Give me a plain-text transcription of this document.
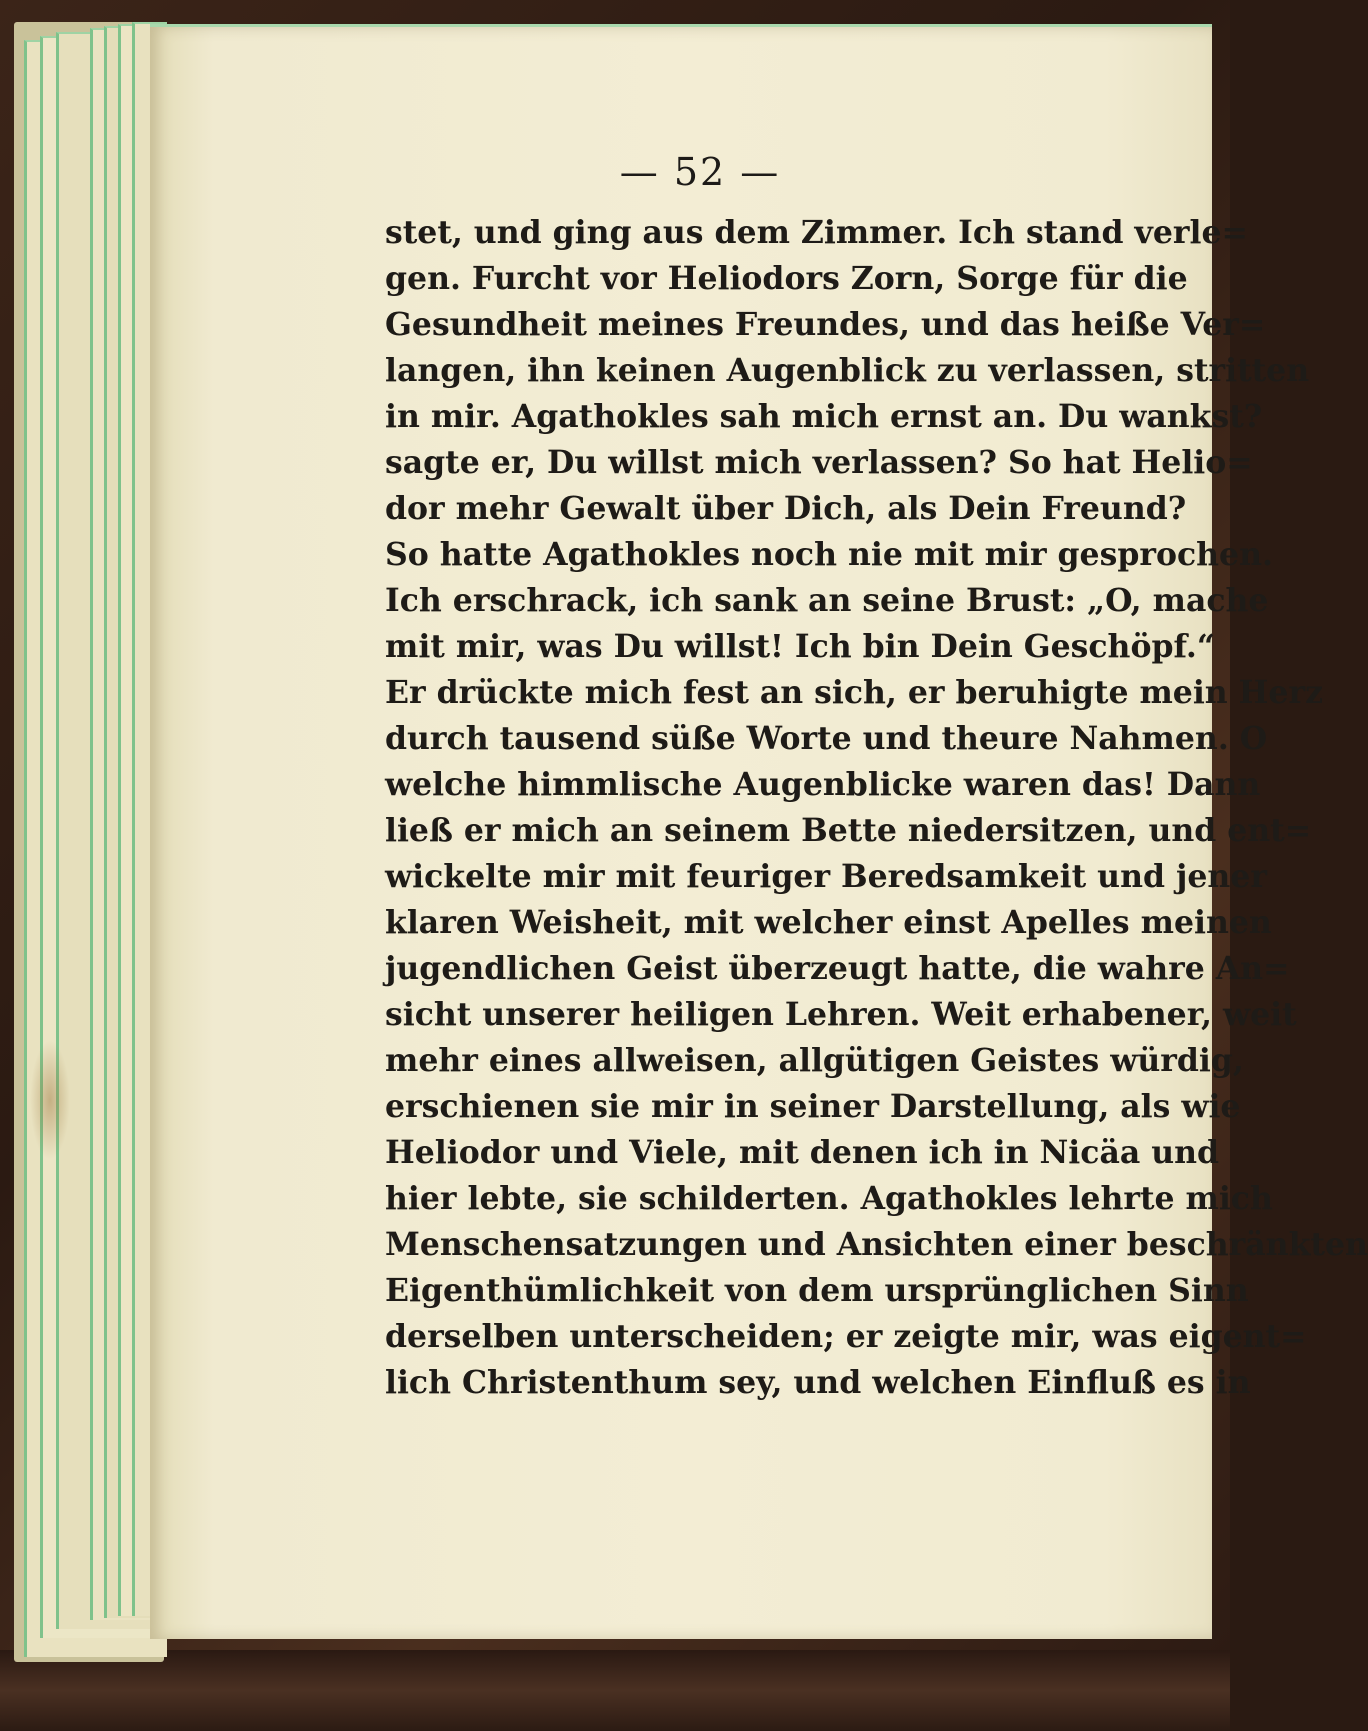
— 52 —
stet, und ging aus dem Zimmer. Ich stand verle=
gen. Furcht vor Heliodors Zorn, Sorge für die
Gesundheit meines Freundes, und das heiße Ver=
langen, ihn keinen Augenblick zu verlassen, stritten
in mir. Agathokles sah mich ernst an. Du wankst?
sagte er, Du willst mich verlassen? So hat Helio=
dor mehr Gewalt über Dich, als Dein Freund?
So hatte Agathokles noch nie mit mir gesprochen.
Ich erschrack, ich sank an seine Brust: „O, mache
mit mir, was Du willst! Ich bin Dein Geschöpf.“
Er drückte mich fest an sich, er beruhigte mein Herz
durch tausend süße Worte und theure Nahmen. O
welche himmlische Augenblicke waren das! Dann
ließ er mich an seinem Bette niedersitzen, und ent=
wickelte mir mit feuriger Beredsamkeit und jener
klaren Weisheit, mit welcher einst Apelles meinen
jugendlichen Geist überzeugt hatte, die wahre An=
sicht unserer heiligen Lehren. Weit erhabener, weit
mehr eines allweisen, allgütigen Geistes würdig,
erschienen sie mir in seiner Darstellung, als wie
Heliodor und Viele, mit denen ich in Nicäa und
hier lebte, sie schilderten. Agathokles lehrte mich
Menschensatzungen und Ansichten einer beschränkten
Eigenthümlichkeit von dem ursprünglichen Sinn
derselben unterscheiden; er zeigte mir, was eigent=
lich Christenthum sey, und welchen Einfluß es in
